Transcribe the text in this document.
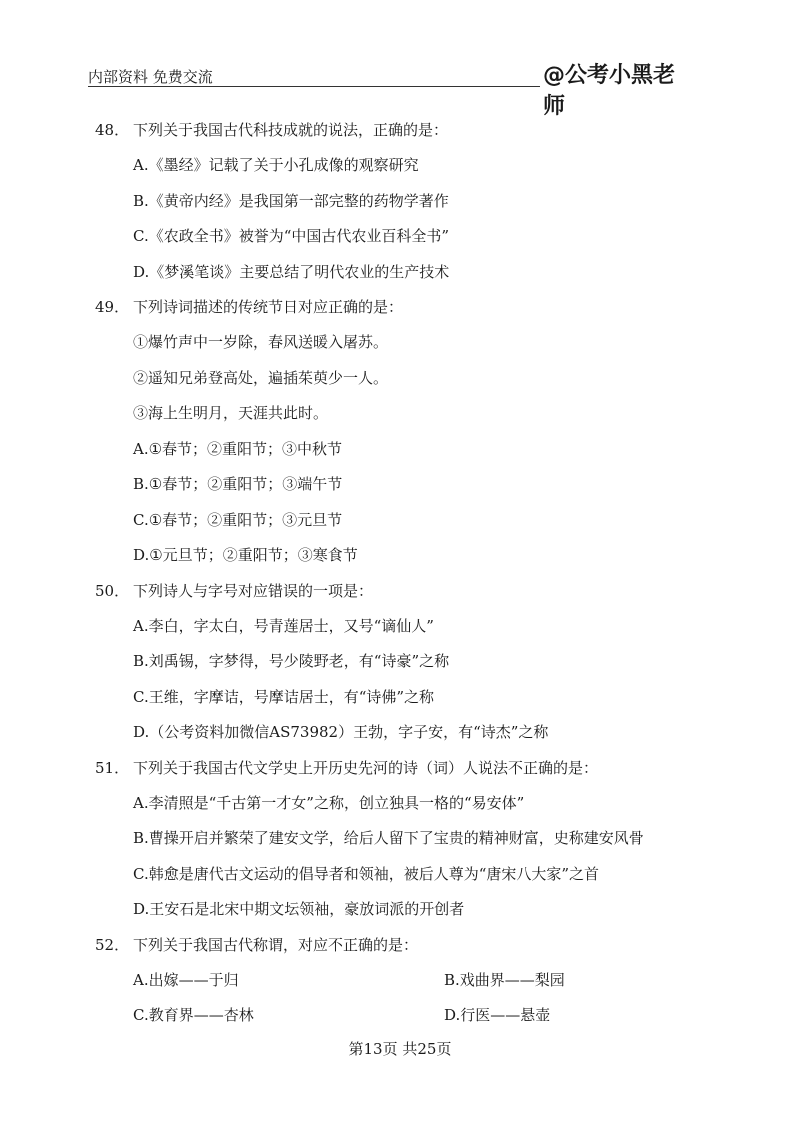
内部资料 免费交流	@公考小黑老师
48． 下列关于我国古代科技成就的说法，正确的是：
A.《墨经》记载了关于小孔成像的观察研究
B.《黄帝内经》是我国第一部完整的药物学著作
C.《农政全书》被誉为“中国古代农业百科全书”
D.《梦溪笔谈》主要总结了明代农业的生产技术
49． 下列诗词描述的传统节日对应正确的是：
①爆竹声中一岁除，春风送暖入屠苏。
②遥知兄弟登高处，遍插茱萸少一人。
③海上生明月，天涯共此时。
A.①春节；②重阳节；③中秋节
B.①春节；②重阳节；③端午节
C.①春节；②重阳节；③元旦节
D.①元旦节；②重阳节；③寒食节
50． 下列诗人与字号对应错误的一项是：
A.李白，字太白，号青莲居士，又号“谪仙人”
B.刘禹锡，字梦得，号少陵野老，有“诗豪”之称
C.王维，字摩诘，号摩诘居士，有“诗佛”之称
D.（公考资料加微信AS73982）王勃，字子安，有“诗杰”之称
51． 下列关于我国古代文学史上开历史先河的诗（词）人说法不正确的是：
A.李清照是“千古第一才女”之称，创立独具一格的“易安体”
B.曹操开启并繁荣了建安文学，给后人留下了宝贵的精神财富，史称建安风骨
C.韩愈是唐代古文运动的倡导者和领袖，被后人尊为“唐宋八大家”之首
D.王安石是北宋中期文坛领袖，豪放词派的开创者
52． 下列关于我国古代称谓，对应不正确的是：
A.出嫁——于归	B.戏曲界——梨园
C.教育界——杏林	D.行医——悬壶
第13页 共25页
